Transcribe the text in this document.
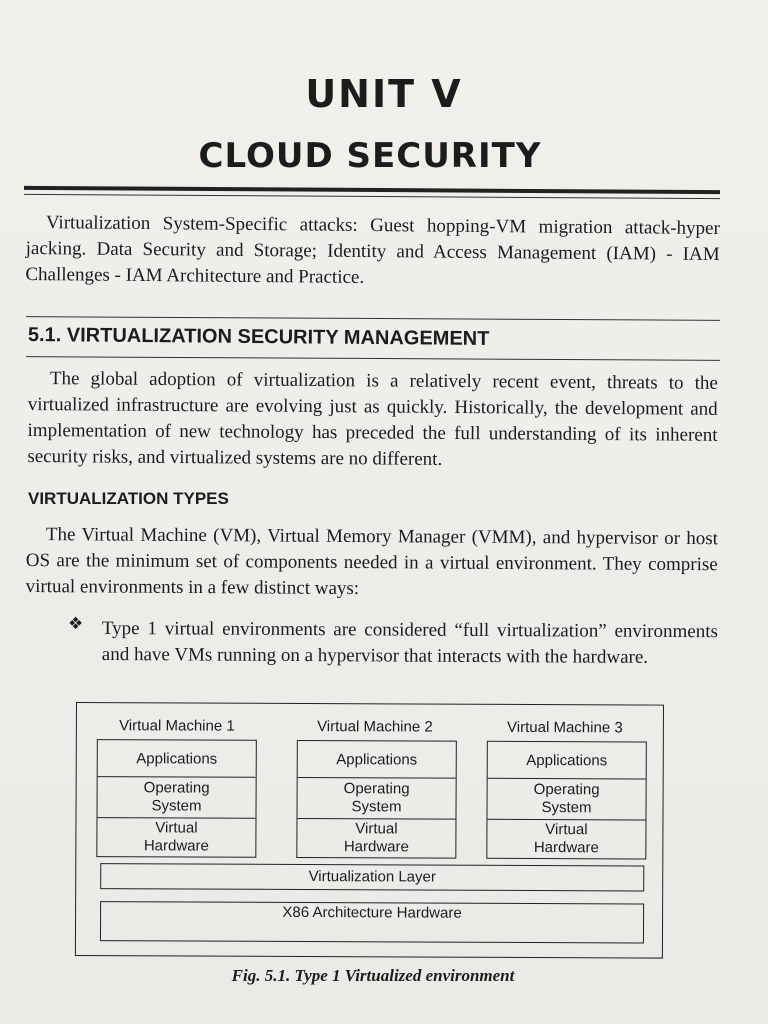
UNIT V
CLOUD SECURITY

Virtualization System-Specific attacks: Guest hopping-VM migration attack-hyper jacking. Data Security and Storage; Identity and Access Management (IAM) - IAM Challenges - IAM Architecture and Practice.

5.1. VIRTUALIZATION SECURITY MANAGEMENT

The global adoption of virtualization is a relatively recent event, threats to the virtualized infrastructure are evolving just as quickly. Historically, the development and implementation of new technology has preceded the full understanding of its inherent security risks, and virtualized systems are no different.

VIRTUALIZATION TYPES

The Virtual Machine (VM), Virtual Memory Manager (VMM), and hypervisor or host OS are the minimum set of components needed in a virtual environment. They comprise virtual environments in a few distinct ways:

❖ Type 1 virtual environments are considered “full virtualization” environments and have VMs running on a hypervisor that interacts with the hardware.

Virtual Machine 1	Virtual Machine 2	Virtual Machine 3
Applications
Operating System
Virtual Hardware
Applications
Operating System
Virtual Hardware
Applications
Operating System
Virtual Hardware
Virtualization Layer
X86 Architecture Hardware

Fig. 5.1. Type 1 Virtualized environment
